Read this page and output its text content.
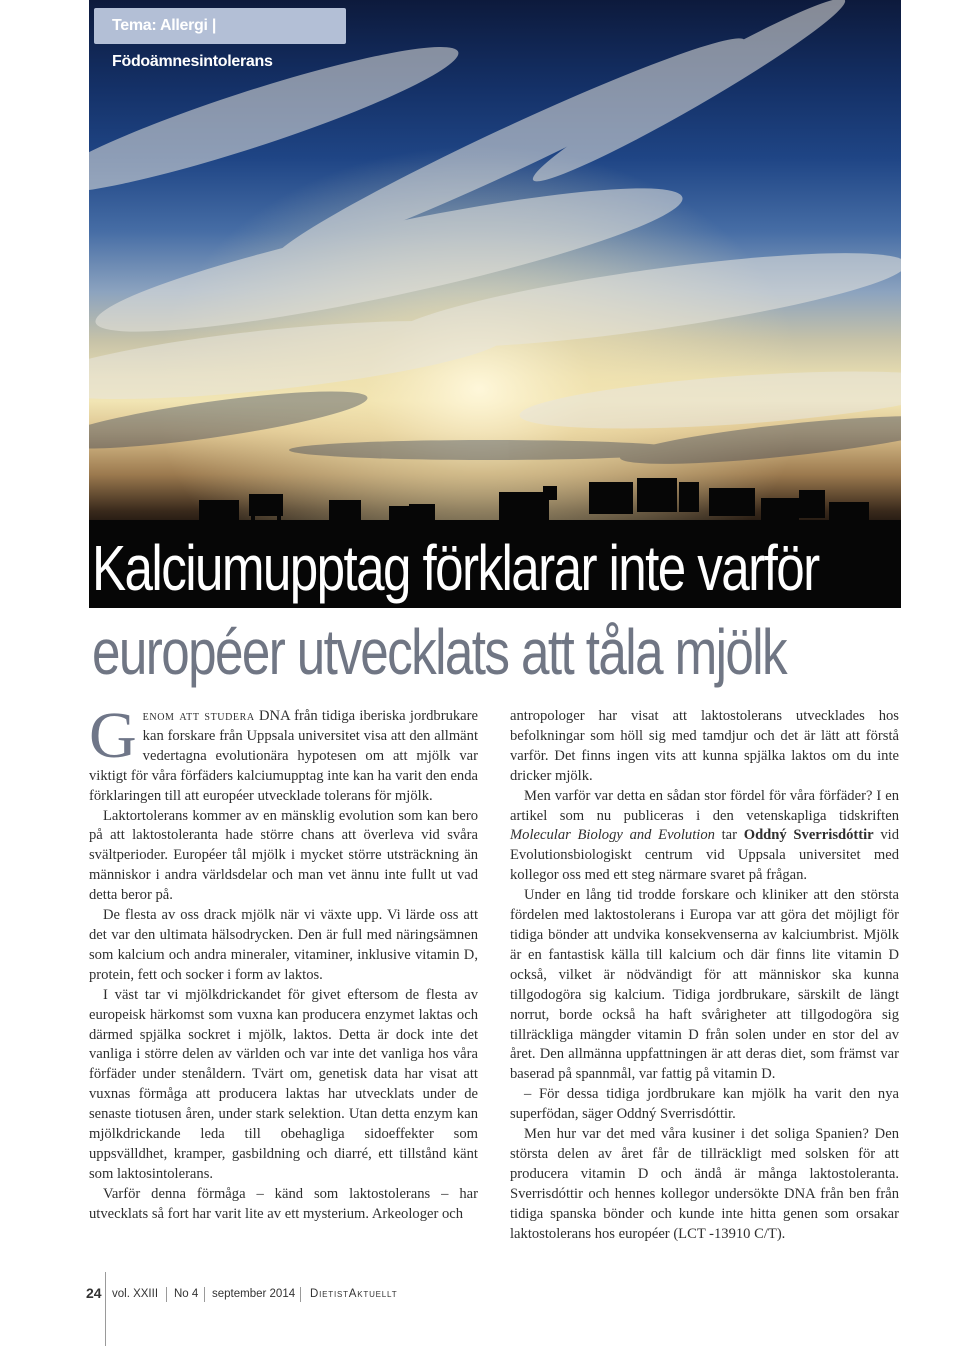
Tema: Allergi | Födoämnesintolerans
Kalciumupptag förklarar inte varför
européer utvecklats att tåla mjölk

Genom att studera DNA från tidiga iberiska jordbrukare kan forskare från Uppsala universitet visa att den allmänt vedertagna evolutionära hypotesen om att mjölk var viktigt för våra förfäders kalciumupptag inte kan ha varit den enda förklaringen till att européer utvecklade tolerans för mjölk.

Laktortolerans kommer av en mänsklig evolution som kan bero på att laktostoleranta hade större chans att överleva vid svåra svältperioder. Européer tål mjölk i mycket större utsträckning än människor i andra världsdelar och man vet ännu inte fullt ut vad detta beror på.

De flesta av oss drack mjölk när vi växte upp. Vi lärde oss att det var den ultimata hälsodrycken. Den är full med näringsämnen som kalcium och andra mineraler, vitaminer, inklusive vitamin D, protein, fett och socker i form av laktos.

I väst tar vi mjölkdrickandet för givet eftersom de flesta av europeisk härkomst som vuxna kan producera enzymet laktas och därmed spjälka sockret i mjölk, laktos. Detta är dock inte det vanliga i större delen av världen och var inte det vanliga hos våra förfäder under stenåldern. Tvärt om, genetisk data har visat att vuxnas förmåga att producera laktas har utvecklats under de senaste tiotusen åren, under stark selektion. Utan detta enzym kan mjölkdrickande leda till obehagliga sidoeffekter som uppsvälldhet, kramper, gasbildning och diarré, ett tillstånd känt som laktosintolerans.

Varför denna förmåga – känd som laktostolerans – har utvecklats så fort har varit lite av ett mysterium. Arkeologer och

antropologer har visat att laktostolerans utvecklades hos befolkningar som höll sig med tamdjur och det är lätt att förstå varför. Det finns ingen vits att kunna spjälka laktos om du inte dricker mjölk.

Men varför var detta en sådan stor fördel för våra förfäder? I en artikel som nu publiceras i den vetenskapliga tidskriften Molecular Biology and Evolution tar Oddný Sverrisdóttir vid Evolutionsbiologiskt centrum vid Uppsala universitet med kollegor oss med ett steg närmare svaret på frågan.

Under en lång tid trodde forskare och kliniker att den största fördelen med laktostolerans i Europa var att göra det möjligt för tidiga bönder att undvika konsekvenserna av kalciumbrist. Mjölk är en fantastisk källa till kalcium och där finns lite vitamin D också, vilket är nödvändigt för att människor ska kunna tillgodogöra sig kalcium. Tidiga jordbrukare, särskilt de längt norrut, borde också ha haft svårigheter att tillgodogöra sig tillräckliga mängder vitamin D från solen under en stor del av året. Den allmänna uppfattningen är att deras diet, som främst var baserad på spannmål, var fattig på vitamin D.

– För dessa tidiga jordbrukare kan mjölk ha varit den nya superfödan, säger Oddný Sverrisdóttir.

Men hur var det med våra kusiner i det soliga Spanien? Den största delen av året får de tillräckligt med solsken för att producera vitamin D och ändå är många laktostoleranta. Sverrisdóttir och hennes kollegor undersökte DNA från ben från tidiga spanska bönder och kunde inte hitta genen som orsakar laktostolerans hos européer (LCT -13910 C/T).

24 vol. XXIII No 4 september 2014 DietistAktuellt
